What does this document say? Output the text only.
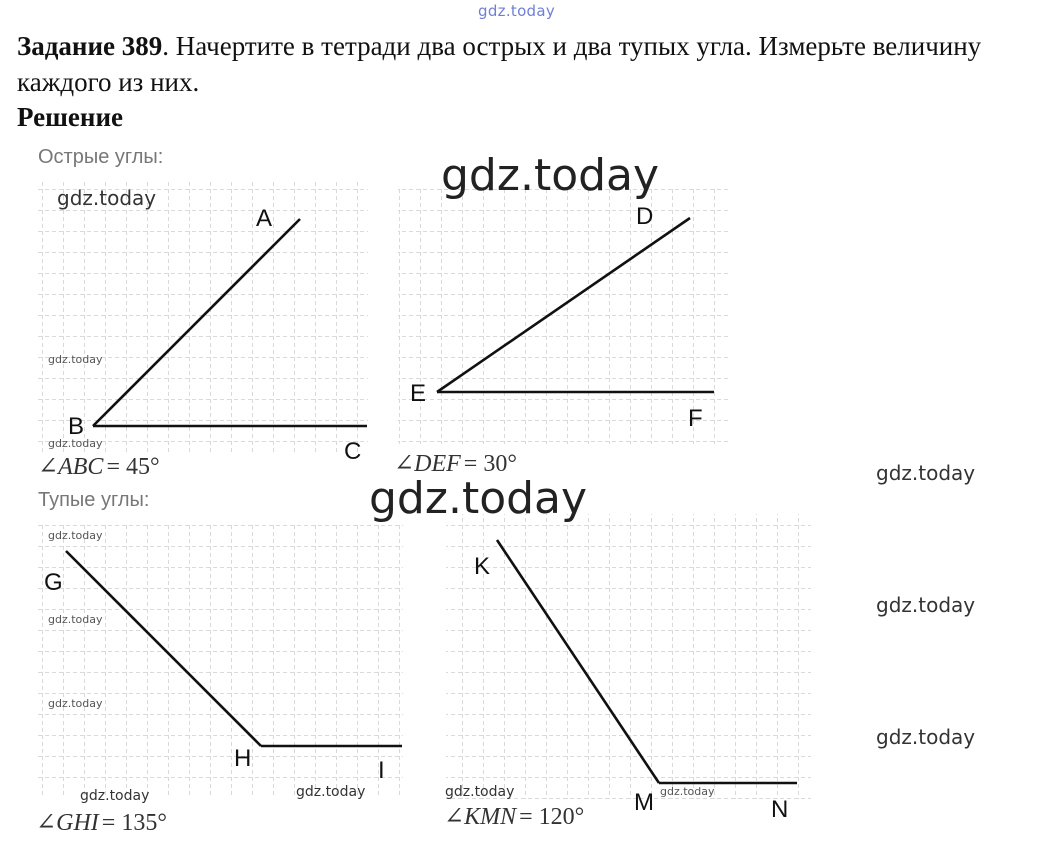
gdz.today
Задание 389. Начертите в тетради два острых и два тупых угла. Измерьте величину каждого из них.
Решение
A
B
C
∠ABC = 45°
D
E
F
∠DEF = 30°
G
H	I
∠GHI = 135°
K
M	N
∠KMN = 120°
Острые углы:
Тупые углы:
gdz.today
gdz.today
gdz.today
gdz.today
gdz.today
gdz.today
gdz.today
gdz.today
gdz.today
gdz.today
gdz.today
gdz.today
gdz.today	gdz.today	gdz.today
